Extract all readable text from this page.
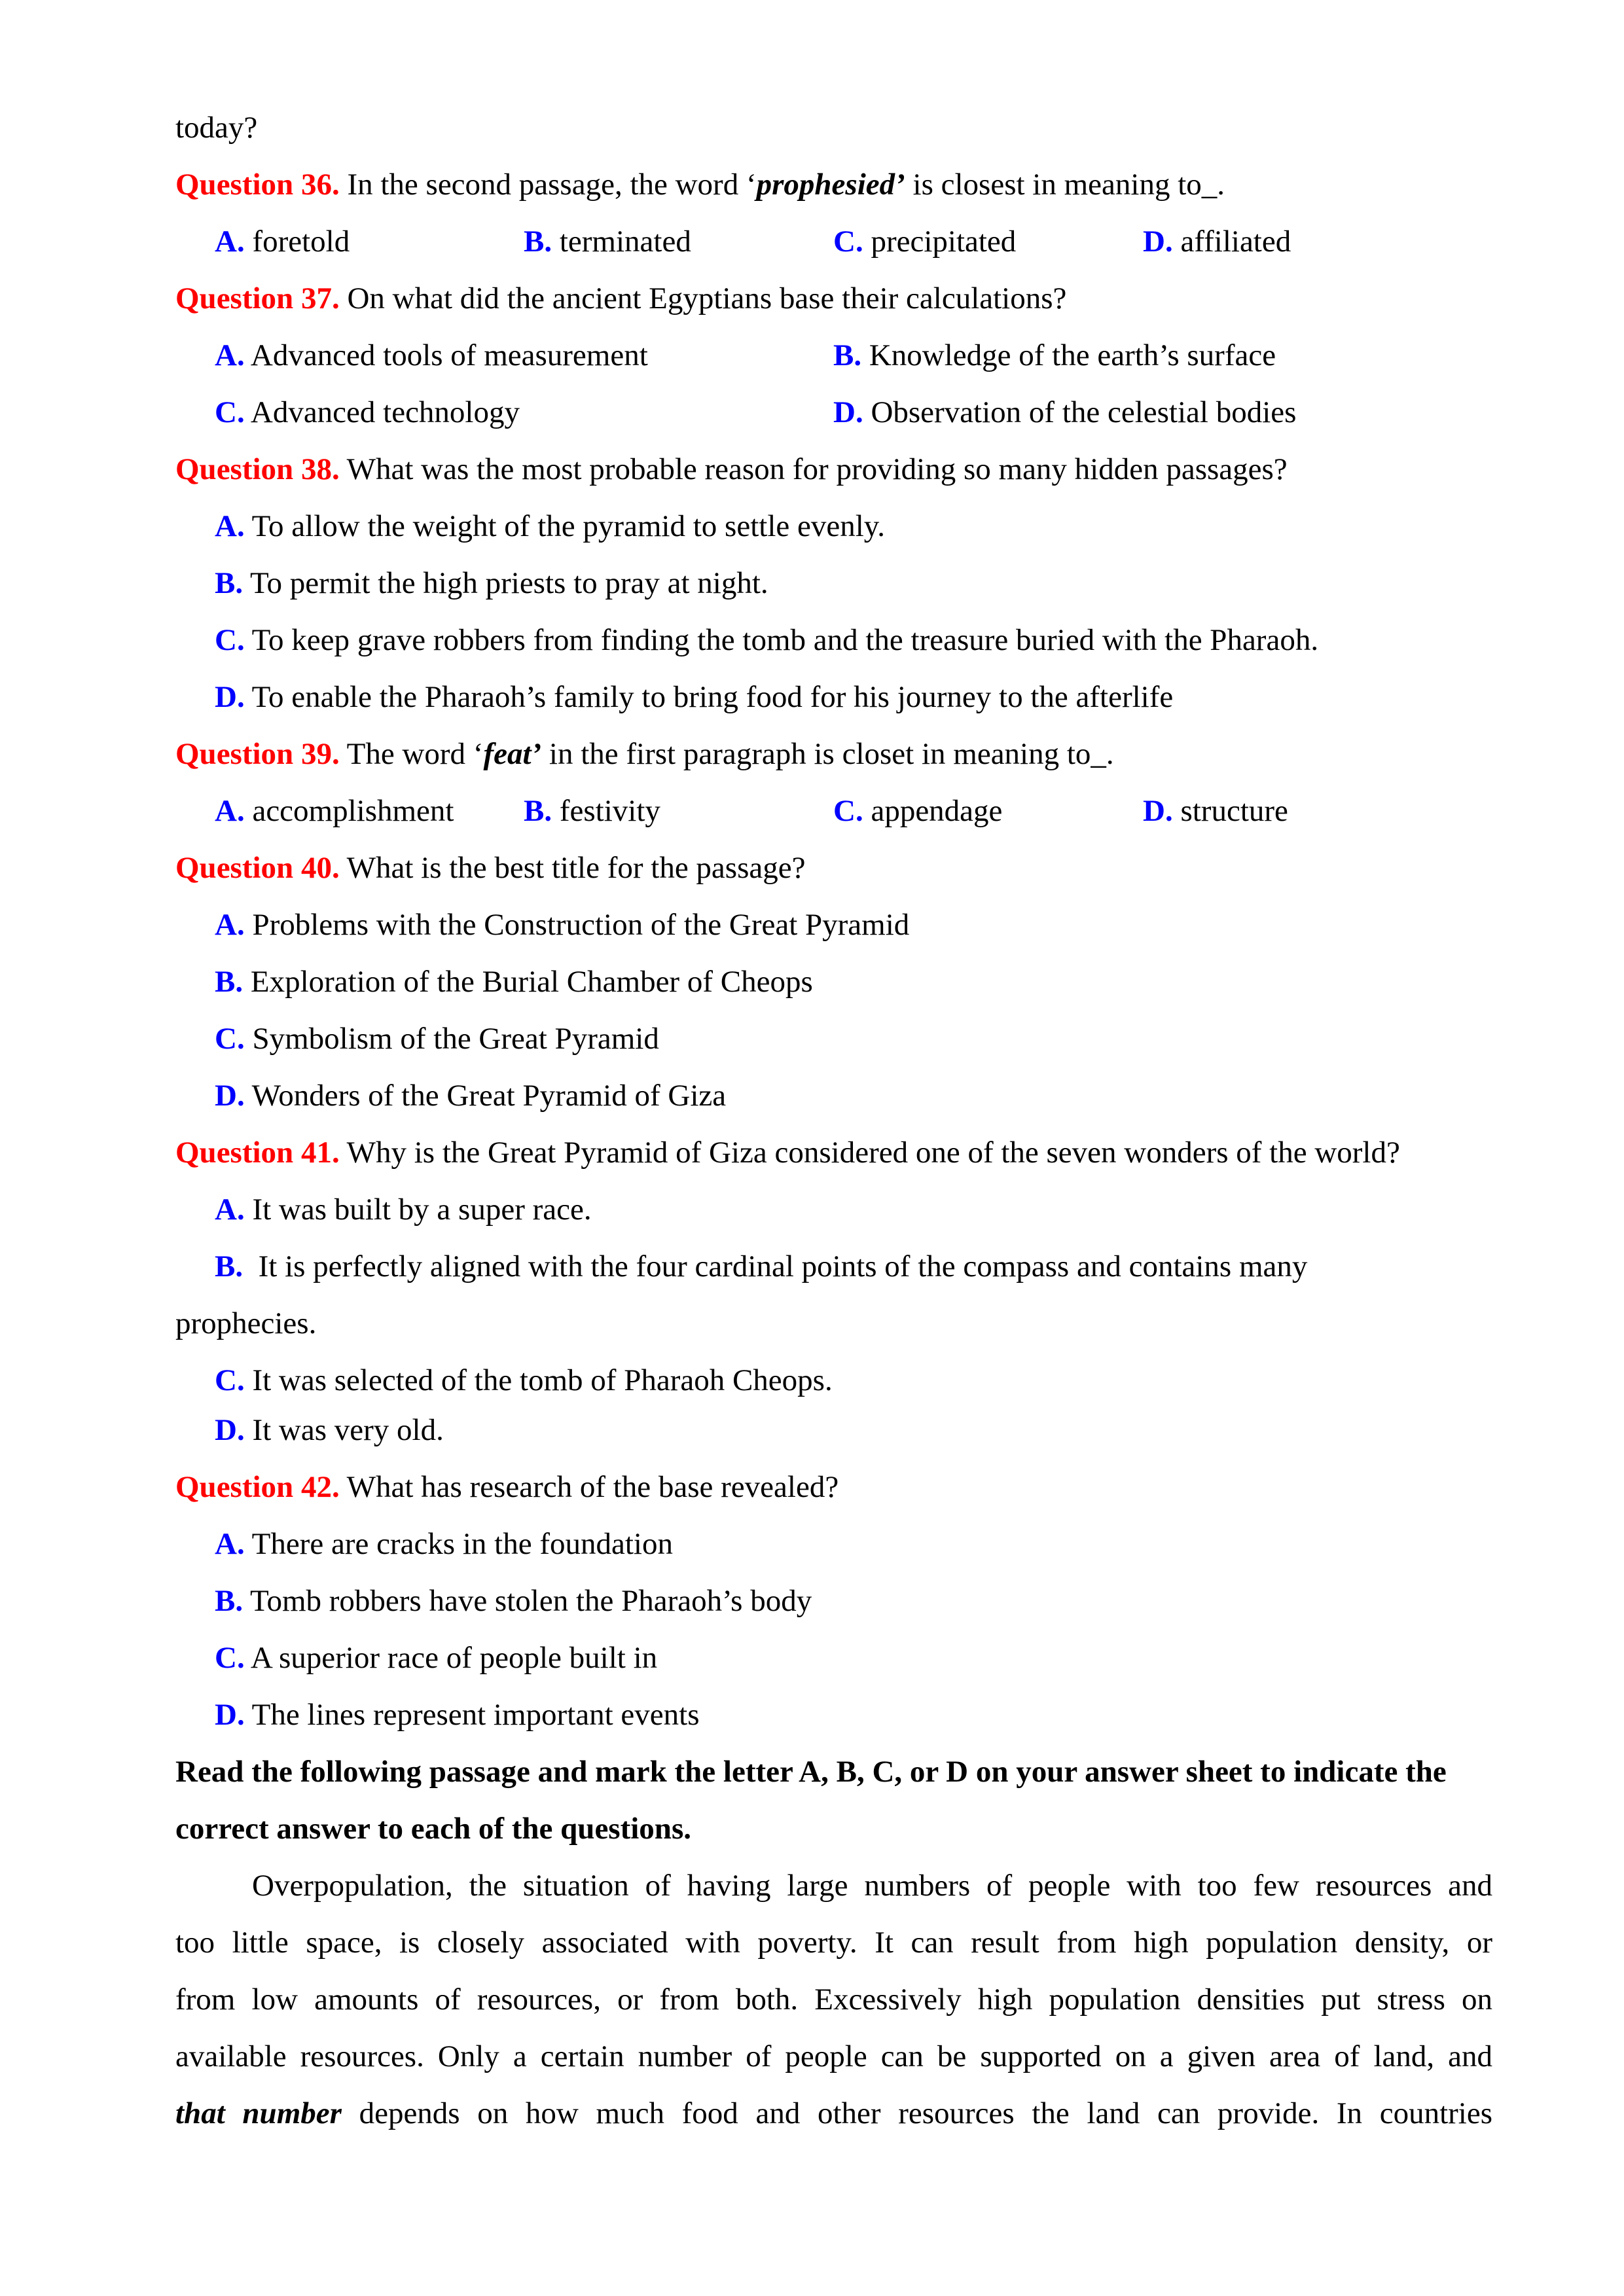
today?
Question 36. In the second passage, the word ‘prophesied’ is closest in meaning to_.
A. foretold	B. terminated	C. precipitated	D. affiliated
Question 37. On what did the ancient Egyptians base their calculations?
A. Advanced tools of measurement	B. Knowledge of the earth’s surface
C. Advanced technology	D. Observation of the celestial bodies
Question 38. What was the most probable reason for providing so many hidden passages?
A. To allow the weight of the pyramid to settle evenly.
B. To permit the high priests to pray at night.
C. To keep grave robbers from finding the tomb and the treasure buried with the Pharaoh.
D. To enable the Pharaoh’s family to bring food for his journey to the afterlife
Question 39. The word ‘feat’ in the first paragraph is closet in meaning to_.
A. accomplishment B. festivity	C. appendage	D. structure
Question 40. What is the best title for the passage?
A. Problems with the Construction of the Great Pyramid
B. Exploration of the Burial Chamber of Cheops
C. Symbolism of the Great Pyramid
D. Wonders of the Great Pyramid of Giza
Question 41. Why is the Great Pyramid of Giza considered one of the seven wonders of the world?
A. It was built by a super race.
B.  It is perfectly aligned with the four cardinal points of the compass and contains many
prophecies.
C. It was selected of the tomb of Pharaoh Cheops.
D. It was very old.
Question 42. What has research of the base revealed?
A. There are cracks in the foundation
B. Tomb robbers have stolen the Pharaoh’s body
C. A superior race of people built in
D. The lines represent important events
Read the following passage and mark the letter A, B, C, or D on your answer sheet to indicate the
correct answer to each of the questions.
Overpopulation, the situation of having large numbers of people with too few resources and
too little space, is closely associated with poverty. It can result from high population density, or
from low amounts of resources, or from both. Excessively high population densities put stress on
available resources. Only a certain number of people can be supported on a given area of land, and
that number depends on how much food and other resources the land can provide. In countries
